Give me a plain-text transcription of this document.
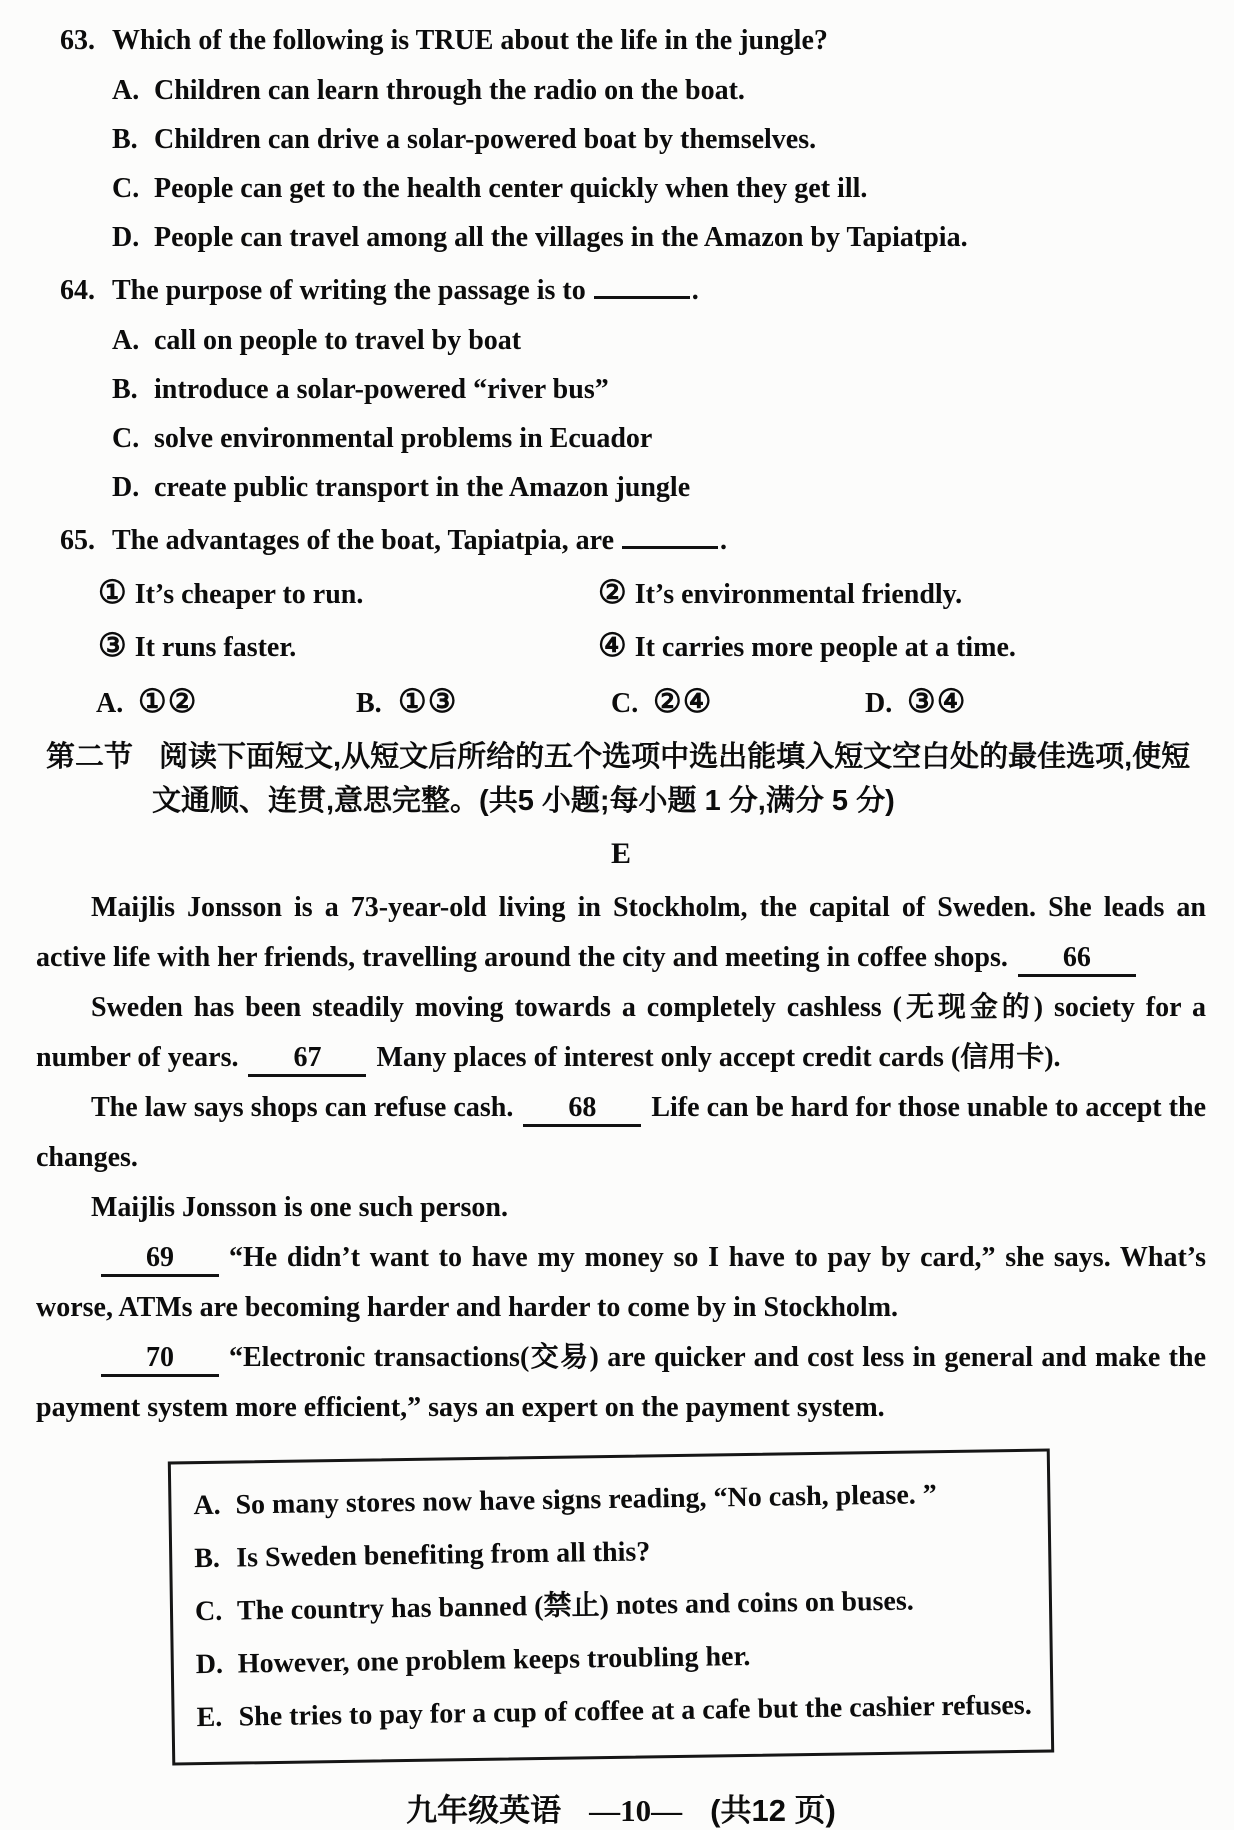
63. Which of the following is TRUE about the life in the jungle?
A. Children can learn through the radio on the boat.
B. Children can drive a solar-powered boat by themselves.
C. People can get to the health center quickly when they get ill.
D. People can travel among all the villages in the Amazon by Tapiatpia.
64. The purpose of writing the passage is to	.
A. call on people to travel by boat
B. introduce a solar-powered “river bus”
C. solve environmental problems in Ecuador
D. create public transport in the Amazon jungle
65. The advantages of the boat, Tapiatpia, are	.
① It’s cheaper to run.	② It’s environmental friendly.
③ It runs faster.	④ It carries more people at a time.
A. ①②	B. ①③	C. ②④	D. ③④
第二节 阅读下面短文,从短文后所给的五个选项中选出能填入短文空白处的最佳选项,使短
文通顺、连贯,意思完整。(共5 小题;每小题 1 分,满分 5 分)
E

Maijlis Jonsson is a 73-year-old living in Stockholm, the capital of Sweden. She leads an active life with her friends, travelling around the city and meeting in coffee shops. 66

Sweden has been steadily moving towards a completely cashless (无现金的) society for a number of years. 67 Many places of interest only accept credit cards (信用卡).

The law says shops can refuse cash. 68 Life can be hard for those unable to accept the changes.

Maijlis Jonsson is one such person.

69 “He didn’t want to have my money so I have to pay by card,” she says. What’s worse, ATMs are becoming harder and harder to come by in Stockholm.

70 “Electronic transactions(交易) are quicker and cost less in general and make the payment system more efficient,” says an expert on the payment system.

A. So many stores now have signs reading, “No cash, please. ”
B. Is Sweden benefiting from all this?
C. The country has banned (禁止) notes and coins on buses.
D. However, one problem keeps troubling her.
E. She tries to pay for a cup of coffee at a cafe but the cashier refuses.
九年级英语 —10— (共12 页)
